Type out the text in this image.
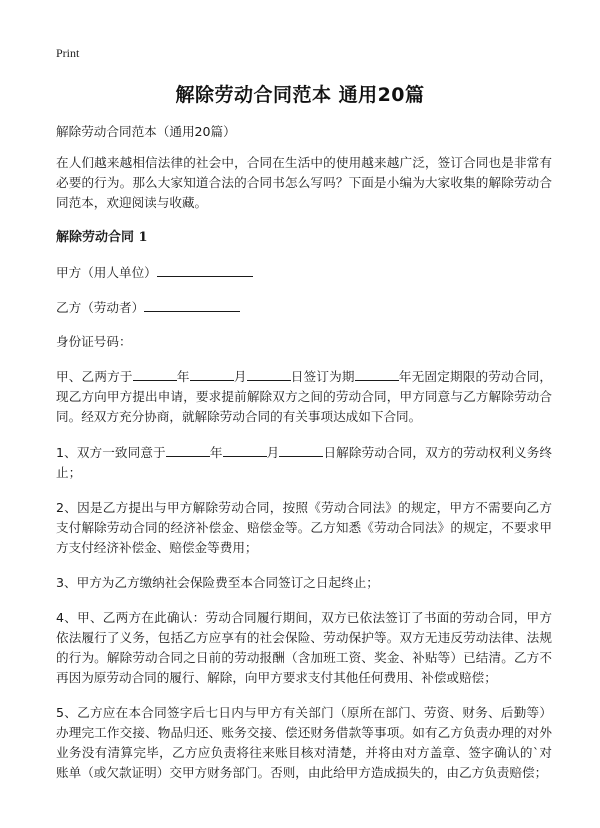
Print
解除劳动合同范本 通用20篇

解除劳动合同范本（通用20篇）

在人们越来越相信法律的社会中，合同在生活中的使用越来越广泛，签订合同也是非常有必要的行为。那么大家知道合法的合同书怎么写吗？下面是小编为大家收集的解除劳动合同范本，欢迎阅读与收藏。

解除劳动合同 1

甲方（用人单位）

乙方（劳动者）

身份证号码：

甲、乙两方于	年	月	日签订为期	年无固定期限的劳动合同，现乙方向甲方提出申请，要求提前解除双方之间的劳动合同，甲方同意与乙方解除劳动合同。经双方充分协商，就解除劳动合同的有关事项达成如下合同。

1、双方一致同意于	年	月	日解除劳动合同，双方的劳动权利义务终止；

2、因是乙方提出与甲方解除劳动合同，按照《劳动合同法》的规定，甲方不需要向乙方支付解除劳动合同的经济补偿金、赔偿金等。乙方知悉《劳动合同法》的规定，不要求甲方支付经济补偿金、赔偿金等费用；

3、甲方为乙方缴纳社会保险费至本合同签订之日起终止；

4、甲、乙两方在此确认：劳动合同履行期间，双方已依法签订了书面的劳动合同，甲方依法履行了义务，包括乙方应享有的社会保险、劳动保护等。双方无违反劳动法律、法规的行为。解除劳动合同之日前的劳动报酬（含加班工资、奖金、补贴等）已结清。乙方不再因为原劳动合同的履行、解除，向甲方要求支付其他任何费用、补偿或赔偿；

5、乙方应在本合同签字后七日内与甲方有关部门（原所在部门、劳资、财务、后勤等）办理完工作交接、物品归还、账务交接、偿还财务借款等事项。如有乙方负责办理的对外业务没有清算完毕，乙方应负责将往来账目核对清楚，并将由对方盖章、签字确认的`对账单（或欠款证明）交甲方财务部门。否则，由此给甲方造成损失的，由乙方负责赔偿；
